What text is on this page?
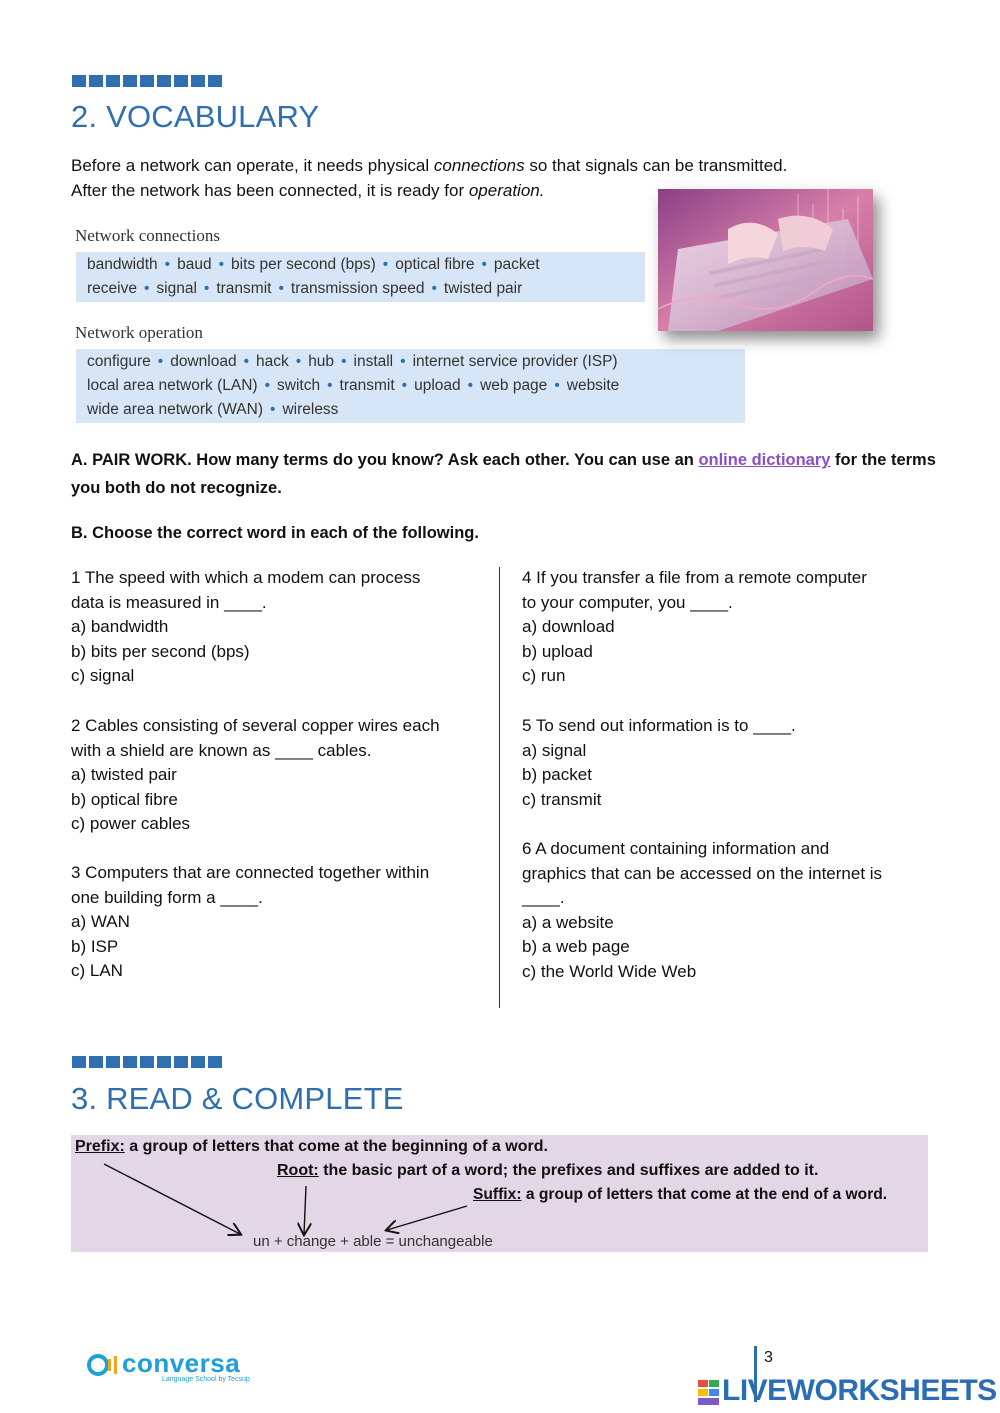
2. VOCABULARY
Before a network can operate, it needs physical connections so that signals can be transmitted.
After the network has been connected, it is ready for operation.
Network connections
bandwidth • baud • bits per second (bps) • optical fibre • packet
receive • signal • transmit • transmission speed • twisted pair
Network operation
configure • download • hack • hub • install • internet service provider (ISP)
local area network (LAN) • switch • transmit • upload • web page • website
wide area network (WAN) • wireless
A. PAIR WORK. How many terms do you know? Ask each other. You can use an online dictionary for the terms you both do not recognize.
B. Choose the correct word in each of the following.
1 The speed with which a modem can process
data is measured in ____.
a) bandwidth
b) bits per second (bps)
c) signal
2 Cables consisting of several copper wires each
with a shield are known as ____ cables.
a) twisted pair
b) optical fibre
c) power cables
3 Computers that are connected together within
one building form a ____.
a) WAN
b) ISP
c) LAN
4 If you transfer a file from a remote computer
to your computer, you ____.
a) download
b) upload
c) run
5 To send out information is to ____.
a) signal
b) packet
c) transmit
6 A document containing information and
graphics that can be accessed on the internet is
____.
a) a website
b) a web page
c) the World Wide Web
3. READ & COMPLETE
Prefix: a group of letters that come at the beginning of a word.
Root: the basic part of a word; the prefixes and suffixes are added to it.
Suffix: a group of letters that come at the end of a word.
un + change + able = unchangeable
conversa
Language School by Tecsup
3
LIVEWORKSHEETS
